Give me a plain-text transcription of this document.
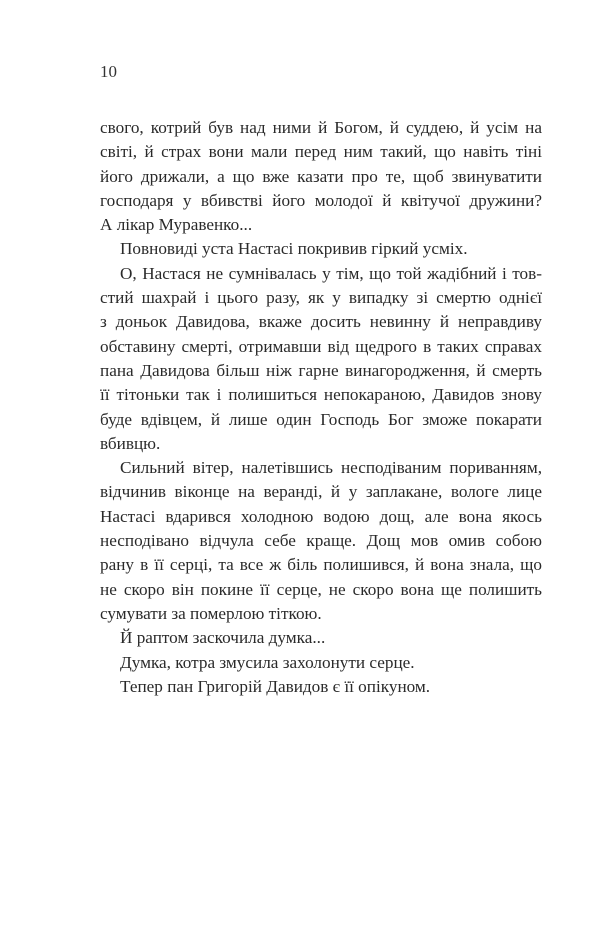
10
свого, котрий був над ними й Богом, й суддею, й усім на
світі, й страх вони мали перед ним такий, що навіть тіні
його дрижали, а що вже казати про те, щоб звинуватити
господаря у вбивстві його молодої й квітучої дружини?
А лікар Муравенко...
Повновиді уста Настасі покривив гіркий усміх.
О, Настася не сумнівалась у тім, що той жадібний і тов-
стий шахрай і цього разу, як у випадку зі смертю однієї
з доньок Давидова, вкаже досить невинну й неправдиву
обставину смерті, отримавши від щедрого в таких справах
пана Давидова більш ніж гарне винагородження, й смерть
її тітоньки так і полишиться непокараною, Давидов знову
буде вдівцем, й лише один Господь Бог зможе покарати
вбивцю.
Сильний вітер, налетівшись несподіваним пориванням,
відчинив віконце на веранді, й у заплакане, вологе лице
Настасі вдарився холодною водою дощ, але вона якось
несподівано відчула себе краще. Дощ мов омив собою
рану в її серці, та все ж біль полишився, й вона знала, що
не скоро він покине її серце, не скоро вона ще полишить
сумувати за померлою тіткою.
Й раптом заскочила думка...
Думка, котра змусила захолонути серце.
Тепер пан Григорій Давидов є її опікуном.
